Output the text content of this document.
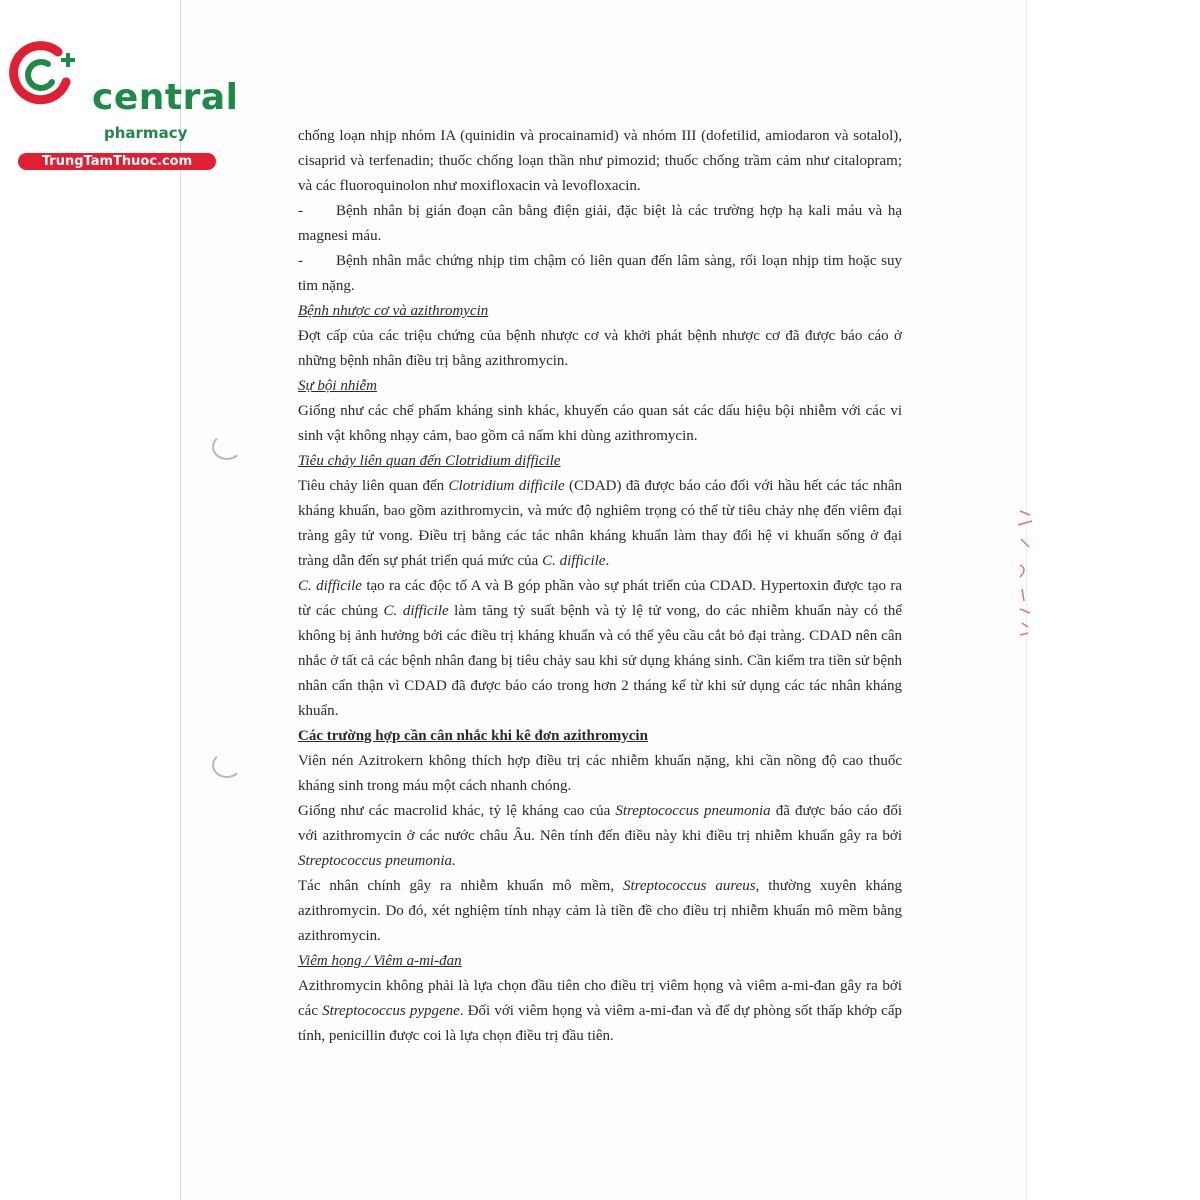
central
pharmacy
TrungTamThuoc.com

chống loạn nhịp nhóm IA (quinidin và procainamid) và nhóm III (dofetilid, amiodaron và sotalol), cisaprid và terfenadin; thuốc chống loạn thần như pimozid; thuốc chống trầm cảm như citalopram; và các fluoroquinolon như moxifloxacin và levofloxacin.

- Bệnh nhân bị gián đoạn cân bằng điện giải, đặc biệt là các trường hợp hạ kali máu và hạ magnesi máu.

- Bệnh nhân mắc chứng nhịp tim chậm có liên quan đến lâm sàng, rối loạn nhịp tim hoặc suy tim nặng.

Bệnh nhược cơ và azithromycin

Đợt cấp của các triệu chứng của bệnh nhược cơ và khởi phát bệnh nhược cơ đã được báo cáo ở những bệnh nhân điều trị bằng azithromycin.

Sự bội nhiễm

Giống như các chế phẩm kháng sinh khác, khuyến cáo quan sát các dấu hiệu bội nhiễm với các vi sinh vật không nhạy cảm, bao gồm cả nấm khi dùng azithromycin.

Tiêu chảy liên quan đến Clotridium difficile

Tiêu chảy liên quan đến Clotridium difficile (CDAD) đã được báo cáo đối với hầu hết các tác nhân kháng khuẩn, bao gồm azithromycin, và mức độ nghiêm trọng có thể từ tiêu chảy nhẹ đến viêm đại tràng gây tử vong. Điều trị bằng các tác nhân kháng khuẩn làm thay đổi hệ vi khuẩn sống ở đại tràng dẫn đến sự phát triển quá mức của C. difficile.

C. difficile tạo ra các độc tố A và B góp phần vào sự phát triển của CDAD. Hypertoxin được tạo ra từ các chủng C. difficile làm tăng tỷ suất bệnh và tỷ lệ tử vong, do các nhiễm khuẩn này có thể không bị ảnh hưởng bởi các điều trị kháng khuẩn và có thể yêu cầu cắt bỏ đại tràng. CDAD nên cân nhắc ở tất cả các bệnh nhân đang bị tiêu chảy sau khi sử dụng kháng sinh. Cần kiểm tra tiền sử bệnh nhân cẩn thận vì CDAD đã được báo cáo trong hơn 2 tháng kể từ khi sử dụng các tác nhân kháng khuẩn.

Các trường hợp cần cân nhắc khi kê đơn azithromycin

Viên nén Azitrokern không thích hợp điều trị các nhiễm khuẩn nặng, khi cần nồng độ cao thuốc kháng sinh trong máu một cách nhanh chóng.

Giống như các macrolid khác, tỷ lệ kháng cao của Streptococcus pneumonia đã được báo cáo đối với azithromycin ở các nước châu Âu. Nên tính đến điều này khi điều trị nhiễm khuẩn gây ra bởi Streptococcus pneumonia.

Tác nhân chính gây ra nhiễm khuẩn mô mềm, Streptococcus aureus, thường xuyên kháng azithromycin. Do đó, xét nghiệm tính nhạy cảm là tiền đề cho điều trị nhiễm khuẩn mô mềm bằng azithromycin.

Viêm họng / Viêm a-mi-đan

Azithromycin không phải là lựa chọn đầu tiên cho điều trị viêm họng và viêm a-mi-đan gây ra bởi các Streptococcus pypgene. Đối với viêm họng và viêm a-mi-đan và để dự phòng sốt thấp khớp cấp tính, penicillin được coi là lựa chọn điều trị đầu tiên.
